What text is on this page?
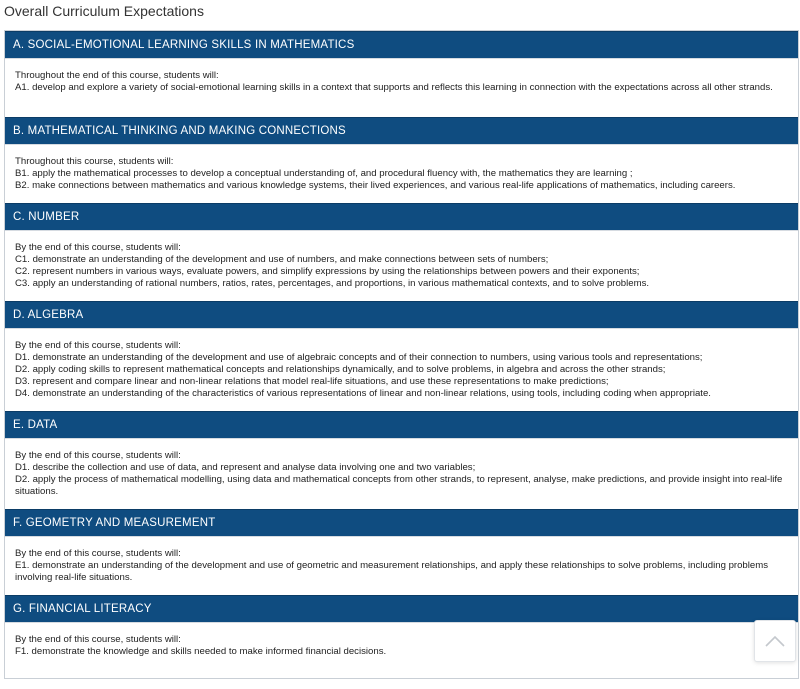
Overall Curriculum Expectations
A. SOCIAL-EMOTIONAL LEARNING SKILLS IN MATHEMATICS
Throughout the end of this course, students will:
A1. develop and explore a variety of social-emotional learning skills in a context that supports and reflects this learning in connection with the expectations across all other strands.
B. MATHEMATICAL THINKING AND MAKING CONNECTIONS
Throughout this course, students will:
B1. apply the mathematical processes to develop a conceptual understanding of, and procedural fluency with, the mathematics they are learning ;
B2. make connections between mathematics and various knowledge systems, their lived experiences, and various real-life applications of mathematics, including careers.
C. NUMBER
By the end of this course, students will:
C1. demonstrate an understanding of the development and use of numbers, and make connections between sets of numbers;
C2. represent numbers in various ways, evaluate powers, and simplify expressions by using the relationships between powers and their exponents;
C3. apply an understanding of rational numbers, ratios, rates, percentages, and proportions, in various mathematical contexts, and to solve problems.
D. ALGEBRA
By the end of this course, students will:
D1. demonstrate an understanding of the development and use of algebraic concepts and of their connection to numbers, using various tools and representations;
D2. apply coding skills to represent mathematical concepts and relationships dynamically, and to solve problems, in algebra and across the other strands;
D3. represent and compare linear and non-linear relations that model real-life situations, and use these representations to make predictions;
D4. demonstrate an understanding of the characteristics of various representations of linear and non-linear relations, using tools, including coding when appropriate.
E. DATA
By the end of this course, students will:
D1. describe the collection and use of data, and represent and analyse data involving one and two variables;
D2. apply the process of mathematical modelling, using data and mathematical concepts from other strands, to represent, analyse, make predictions, and provide insight into real-life situations.
F. GEOMETRY AND MEASUREMENT
By the end of this course, students will:
E1. demonstrate an understanding of the development and use of geometric and measurement relationships, and apply these relationships to solve problems, including problems involving real-life situations.
G. FINANCIAL LITERACY
By the end of this course, students will:
F1. demonstrate the knowledge and skills needed to make informed financial decisions.
